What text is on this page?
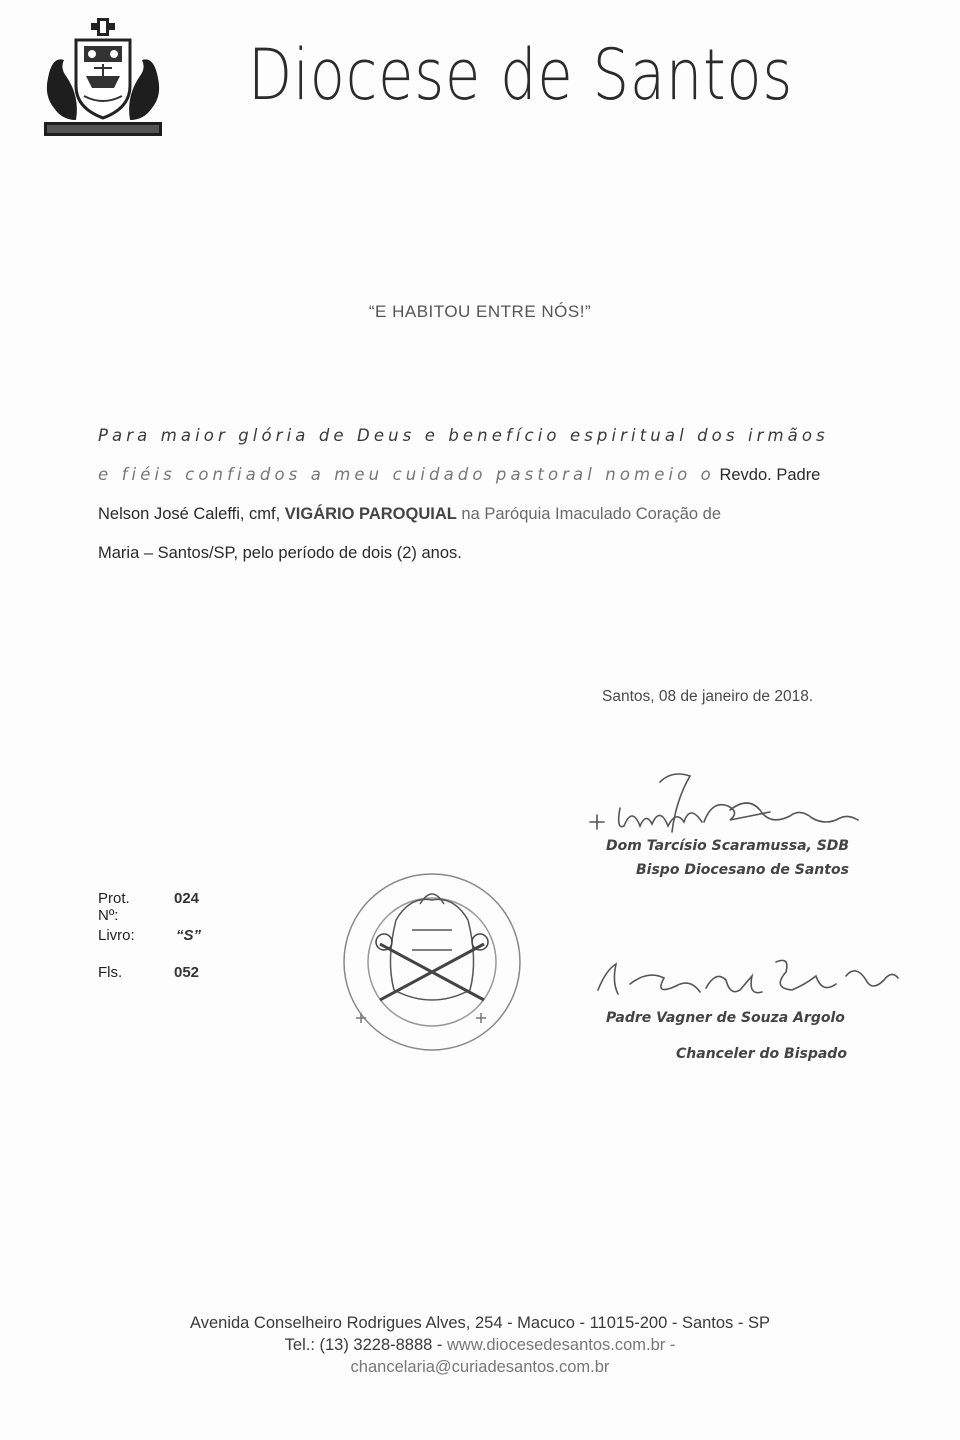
Diocese de Santos
“E HABITOU ENTRE NÓS!”
Para maior glória de Deus e benefício espiritual dos irmãos
e fiéis confiados a meu cuidado pastoral nomeio o Revdo. Padre
Nelson José Caleffi, cmf, VIGÁRIO PAROQUIAL na Paróquia Imaculado Coração de
Maria – Santos/SP, pelo período de dois (2) anos.
Santos, 08 de janeiro de 2018.
Dom Tarcísio Scaramussa, SDB
Bispo Diocesano de Santos
Padre Vagner de Souza Argolo
Chanceler do Bispado
Prot. Nº:
024
Livro:	“S”
Fls.	052
Avenida Conselheiro Rodrigues Alves, 254 - Macuco - 11015-200 - Santos - SP
Tel.: (13) 3228-8888 - www.diocesedesantos.com.br -
chancelaria@curiadesantos.com.br
